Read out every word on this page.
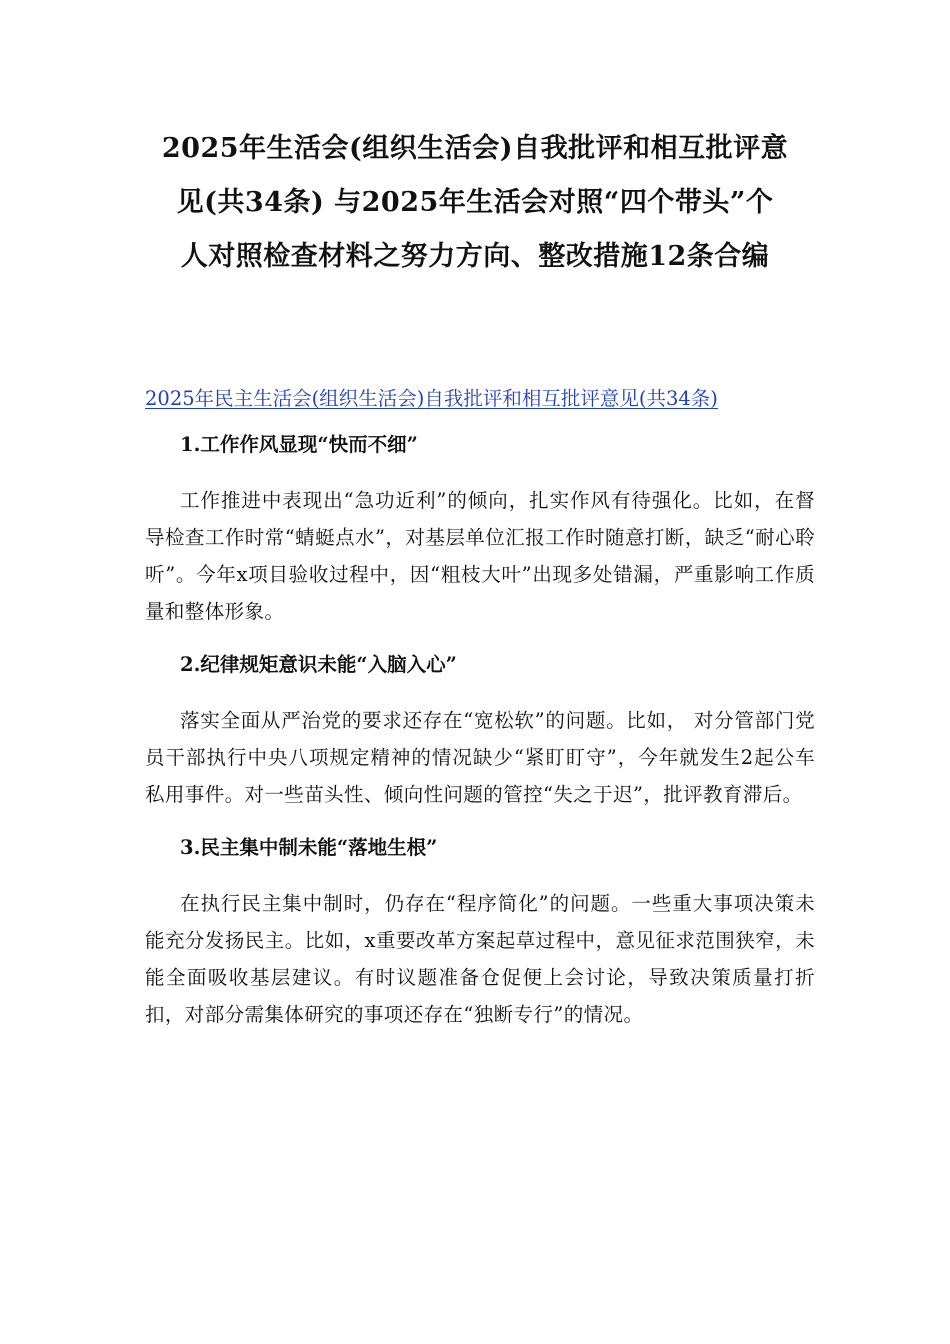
2025年生活会(组织生活会)自我批评和相互批评意
见(共34条) 与2025年生活会对照“四个带头”个
人对照检查材料之努力方向、整改措施12条合编
2025年民主生活会(组织生活会)自我批评和相互批评意见(共34条)

1.工作作风显现“快而不细”

工作推进中表现出“急功近利”的倾向，扎实作风有待强化。比如，在督导检查工作时常“蜻蜓点水”，对基层单位汇报工作时随意打断，缺乏“耐心聆听”。今年x项目验收过程中，因“粗枝大叶”出现多处错漏，严重影响工作质量和整体形象。

2.纪律规矩意识未能“入脑入心”

落实全面从严治党的要求还存在“宽松软”的问题。比如， 对分管部门党员干部执行中央八项规定精神的情况缺少“紧盯盯守”，今年就发生2起公车私用事件。对一些苗头性、倾向性问题的管控“失之于迟”，批评教育滞后。

3.民主集中制未能“落地生根”

在执行民主集中制时，仍存在“程序简化”的问题。一些重大事项决策未能充分发扬民主。比如，x重要改革方案起草过程中，意见征求范围狭窄，未能全面吸收基层建议。有时议题准备仓促便上会讨论，导致决策质量打折扣，对部分需集体研究的事项还存在“独断专行”的情况。
